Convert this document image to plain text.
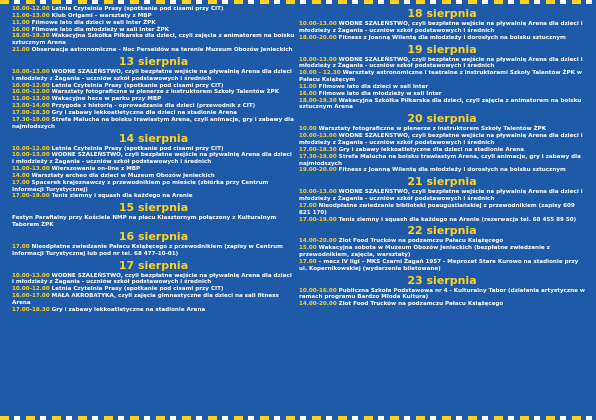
10.00-12.00 Letnia Czytelnia Prasy (spotkanie pod cisami przy CIT)

11.00-13.00 Klub Origami – warsztaty z MBP

11.00 Filmowe lato dla dzieci w sali Inter ŻPK

16.00 Filmowe lato dla młodzieży w sali Inter ŻPK

18.00-19.30 Wakacyjna Szkółka Piłkarska dla dzieci, czyli zajęcia z animatorem na boisku sztucznym Arena

21.00 Obserwacje astronomiczne - Noc Perseidów na terenie Muzeum Obozów Jenieckich

13 sierpnia

10.00-13.00 WODNE SZALEŃSTWO, czyli bezpłatne wejście na pływalnię Arena dla dzieci i młodzieży z Żagania - uczniów szkół podstawowych i średnich

10.00-12.00 Letnia Czytelnia Prasy (spotkanie pod cisami przy CIT)

10.00-12.00 Warsztaty fotograficzne w plenerze z instruktorem Szkoły Talentów ŻPK

11.00-13.00 Wakacyjne hece w parku przy MBP

13.00-14.00 Przygoda z historią - oprowadzanie dla dzieci (przewodnik z CIT)

17.00-18.30 Gry i zabawy lekkoatletyczne dla dzieci na stadionie Arena

17.30-19.00 Strefa Malucha na boisku trawiastym Arena, czyli animacje, gry i zabawy dla najmłodszych

14 sierpnia

10.00-12.00 Letnia Czytelnia Prasy (spotkanie pod cisami przy CIT)

10.00-13.00 WODNE SZALEŃSTWO, czyli bezpłatne wejście na pływalnię Arena dla dzieci i młodzieży z Żagania - uczniów szkół podstawowych i średnich

11.00-13.00 Wierszowanie on-line z MBP

14.00 Warsztaty archeo dla dzieci w Muzeum Obozów Jenieckich

17.00 Spacerek krajoznawczy z przewodnikiem po mieście (zbiórka przy Centrum Informacji Turystycznej)

17.00-19.00 Tenis ziemny i squash dla każdego na Arenie

15 sierpnia

Festyn Parafialny przy Kościele NMP na placu Klasztornym połączony z Kulturalnym Taborem ŻPK

16 sierpnia

17.00 Nieodpłatne zwiedzanie Pałacu Książęcego z przewodnikiem (zapisy w Centrum Informacji Turystycznej lub pod nr tel. 68 477-10-01)

17 sierpnia

10.00-13.00 WODNE SZALEŃSTWO, czyli bezpłatne wejście na pływalnię Arena dla dzieci i młodzieży z Żagania - uczniów szkół podstawowych i średnich

10.00-12.00 Letnia Czytelnia Prasy (spotkanie pod cisami przy CIT)

16.00-17.00 MAŁA AKROBATYKA, czyli zajęcia gimnastyczne dla dzieci na sali fitness Arena

17.00-18.30 Gry i zabawy lekkoatletyczne na stadionie Arena

18 sierpnia

10.00-13.00 WODNE SZALEŃSTWO, czyli bezpłatne wejście na pływalnię Arena dla dzieci i młodzieży z Żagania - uczniów szkół podstawowych i średnich

18.00-20.00 Fitness z Joanną Wilentą dla młodzieży i dorosłych na boisku sztucznym

19 sierpnia

10.00-13.00 WODNE SZALEŃSTWO, czyli bezpłatne wejście na pływalnię Arena dla dzieci i młodzieży z Żagania - uczniów szkół podstawowych i średnich

10.00 - 12.30 Warsztaty astronomiczne i teatralne z instruktorami Szkoły Talentów ŻPK w Pałacu Książęcym

11.00 Filmowe lato dla dzieci w sali Inter

16.00 Filmowe lato dla młodzieży w sali Inter

18.00-19.30 Wakacyjna Szkółka Piłkarska dla dzieci, czyli zajęcia z animatorem na boisku sztucznym Arena

20 sierpnia

10.00 Warsztaty fotograficzne w plenerze z instruktorem Szkoły Talentów ŻPK

10.00-13.00 WODNE SZALEŃSTWO, czyli bezpłatne wejście na pływalnię Arena dla dzieci i młodzieży z Żagania - uczniów szkół podstawowych i średnich

17.00-18.30 Gry i zabawy lekkoatletyczne dla dzieci na stadionie Arena

17.30-19.00 Strefa Malucha na boisku trawiastym Arena, czyli animacje, gry i zabawy dla najmłodszych

19.00-20.00 Fitness z Joanną Wilentą dla młodzieży i dorosłych na boisku sztucznym

21 sierpnia

10.00-13.00 WODNE SZALEŃSTWO, czyli bezpłatne wejście na pływalnię Arena dla dzieci i młodzieży z Żagania - uczniów szkół podstawowych i średnich

17.00 Nieodpłatne zwiedzanie biblioteki poaugustiańskiej z przewodnikiem (zapisy 609 821 170)

17.00-19.00 Tenis ziemny i squash dla każdego na Arenie (rezerwacja tel. 68 455 89 50)

22 sierpnia

14.00-20.00 Zlot Food Trucków na podzamczu Pałacu Książęcego

15.00 Wakacyjna sobota w Muzeum Obozów Jenieckich (bezpłatne zwiedzanie z przewodnikiem, zajęcia, warsztaty)

17.00 – mecz IV ligi – MKS Czarni Żagań 1957 - Meprozet Stare Kurowo na stadionie przy ul. Kopernikowskiej (wydarzenie biletowane)

23 sierpnia

10.00-16.00 Publiczna Szkoła Podstawowa nr 4 - Kulturalny Tabor (działania artystyczne w ramach programu Bardzo Młoda Kultura)

14.00-20.00 Zlot Food Trucków na podzamczu Pałacu Książęcego
